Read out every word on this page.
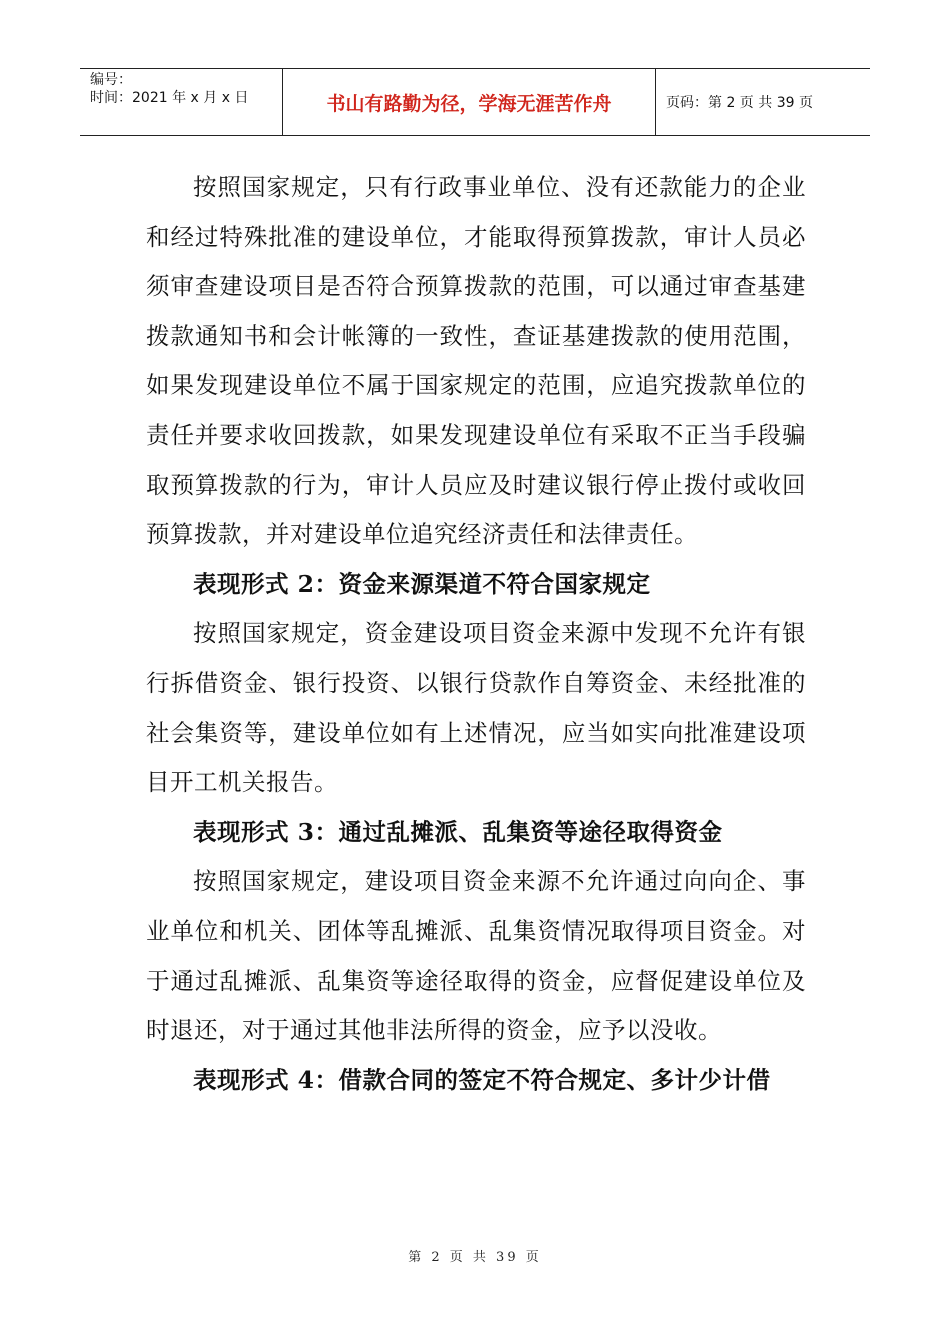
编号：
时间：2021 年 x 月 x 日	书山有路勤为径，学海无涯苦作舟	页码：第 2 页 共 39 页

按照国家规定，只有行政事业单位、没有还款能力的企业和经过特殊批准的建设单位，才能取得预算拨款，审计人员必须审查建设项目是否符合预算拨款的范围，可以通过审查基建拨款通知书和会计帐簿的一致性，查证基建拨款的使用范围，如果发现建设单位不属于国家规定的范围，应追究拨款单位的责任并要求收回拨款，如果发现建设单位有采取不正当手段骗取预算拨款的行为，审计人员应及时建议银行停止拨付或收回预算拨款，并对建设单位追究经济责任和法律责任。

表现形式 2：资金来源渠道不符合国家规定

按照国家规定，资金建设项目资金来源中发现不允许有银行拆借资金、银行投资、以银行贷款作自筹资金、未经批准的社会集资等，建设单位如有上述情况，应当如实向批准建设项目开工机关报告。

表现形式 3：通过乱摊派、乱集资等途径取得资金

按照国家规定，建设项目资金来源不允许通过向向企、事业单位和机关、团体等乱摊派、乱集资情况取得项目资金。对于通过乱摊派、乱集资等途径取得的资金，应督促建设单位及时退还，对于通过其他非法所得的资金，应予以没收。

表现形式 4：借款合同的签定不符合规定、多计少计借

第 2 页 共 39 页
